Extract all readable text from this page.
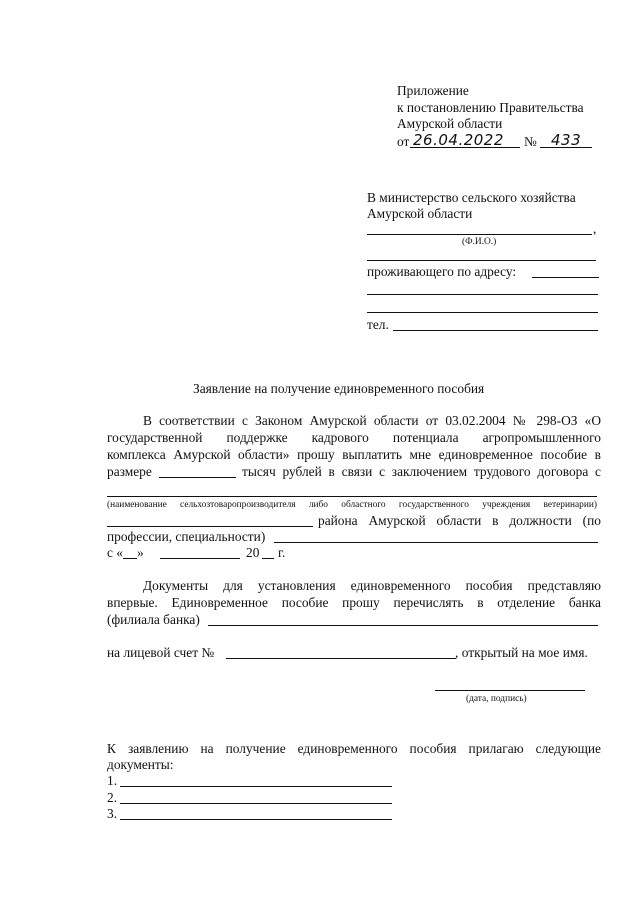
Приложение
к постановлению Правительства
Амурской области
от 26.04.2022 № 433
В министерство сельского хозяйства
Амурской области
,
(Ф.И.О.)
проживающего по адресу:
тел.
Заявление на получение единовременного пособия
В соответствии с Законом Амурской области от 03.02.2004 № 298-ОЗ «О
государственной поддержке кадрового потенциала агропромышленного
комплекса Амурской области» прошу выплатить мне единовременное пособие в
размере	тысяч рублей в связи с заключением трудового договора с
(наименование сельхозтоваропроизводителя либо областного государственного учреждения ветеринарии)
района Амурской области в должности (по
профессии, специальности)
с « »	20 г.
Документы для установления единовременного пособия представляю
впервые. Единовременное пособие прошу перечислять в отделение банка
(филиала банка)
на лицевой счет №	, открытый на мое имя.
(дата, подпись)
К заявлению на получение единовременного пособия прилагаю следующие
документы:
1.
2.
3.
